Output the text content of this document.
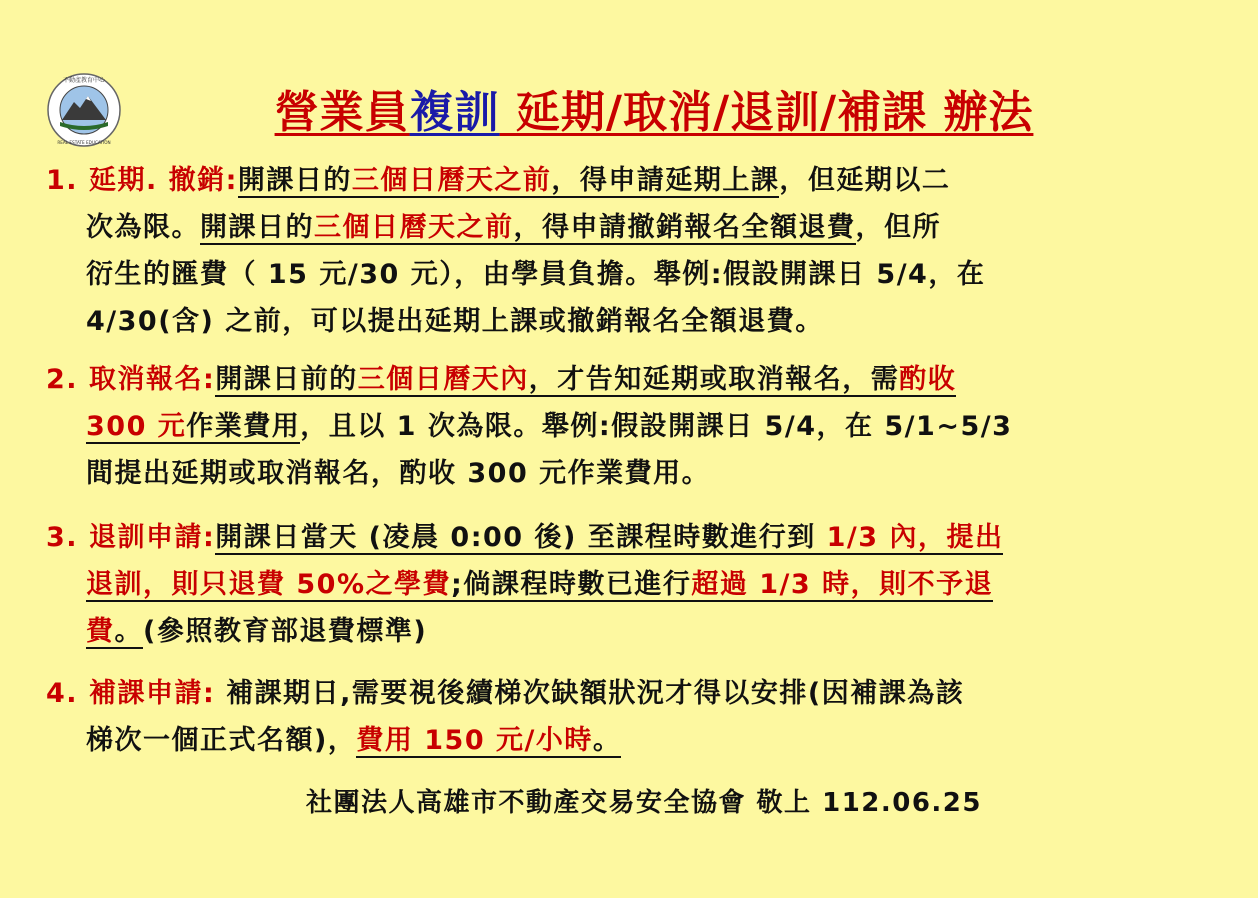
不動產教育中心
REAL ESTATE EDUCATION
營業員複訓 延期/取消/退訓/補課 辦法
1. 延期. 撤銷:開課日的三個日曆天之前，得申請延期上課，但延期以二
次為限。開課日的三個日曆天之前，得申請撤銷報名全額退費，但所
衍生的匯費（ 15 元/30 元），由學員負擔。舉例:假設開課日 5/4，在
4/30(含) 之前，可以提出延期上課或撤銷報名全額退費。
2. 取消報名:開課日前的三個日曆天內，才告知延期或取消報名，需酌收
300 元作業費用，且以 1 次為限。舉例:假設開課日 5/4，在 5/1~5/3
間提出延期或取消報名，酌收 300 元作業費用。
3. 退訓申請:開課日當天 (凌晨 0:00 後) 至課程時數進行到 1/3 內，提出
退訓，則只退費 50%之學費;倘課程時數已進行超過 1/3 時，則不予退
費。(參照教育部退費標準)
4. 補課申請: 補課期日,需要視後續梯次缺額狀況才得以安排(因補課為該
梯次一個正式名額)，費用 150 元/小時。
社團法人高雄市不動產交易安全協會 敬上 112.06.25
